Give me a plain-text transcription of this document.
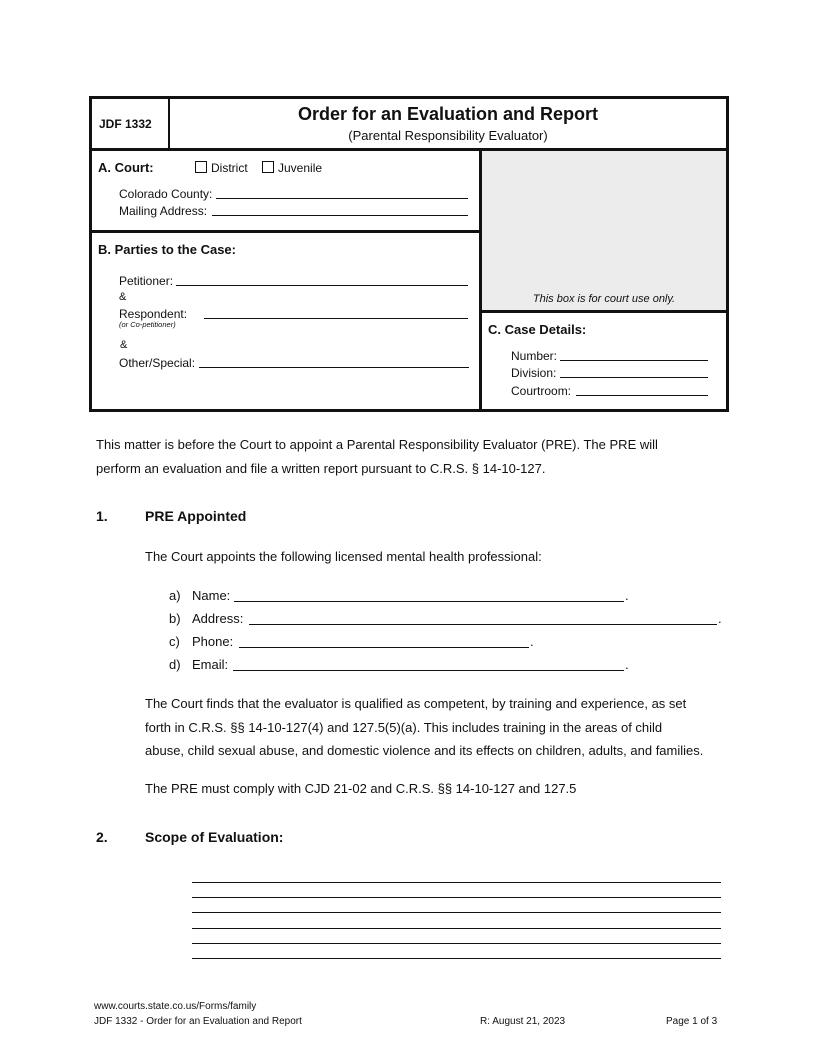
JDF 1332	Order for an Evaluation and Report
(Parental Responsibility Evaluator)
A. Court:	District	Juvenile
Colorado County:
Mailing Address:
B. Parties to the Case:
Petitioner:
&
Respondent:
(or Co-petitioner)
&
Other/Special:
This box is for court use only.
C. Case Details:
Number:
Division:
Courtroom:
This matter is before the Court to appoint a Parental Responsibility Evaluator (PRE). The PRE will
perform an evaluation and file a written report pursuant to C.R.S. § 14-10-127.
1.	PRE Appointed
The Court appoints the following licensed mental health professional:
a) Name:	.
b) Address:	.
c) Phone:	.
d) Email:	.
The Court finds that the evaluator is qualified as competent, by training and experience, as set
forth in C.R.S. §§ 14-10-127(4) and 127.5(5)(a). This includes training in the areas of child
abuse, child sexual abuse, and domestic violence and its effects on children, adults, and families.
The PRE must comply with CJD 21-02 and C.R.S. §§ 14-10-127 and 127.5
2.	Scope of Evaluation:
www.courts.state.co.us/Forms/family
JDF 1332 - Order for an Evaluation and Report	R: August 21, 2023	Page 1 of 3
